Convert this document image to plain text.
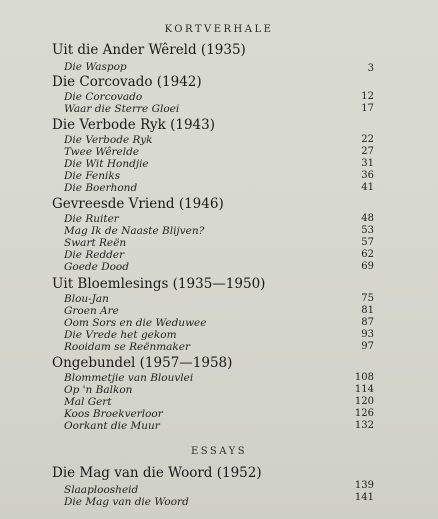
KORTVERHALE
Uit die Ander Wêreld (1935)
Die Waspop	3
Die Corcovado (1942)
Die Corcovado	12
Waar die Sterre Gloei	17
Die Verbode Ryk (1943)
Die Verbode Ryk	22
Twee Wêrelde	27
Die Wit Hondjie	31
Die Feniks	36
Die Boerhond	41
Gevreesde Vriend (1946)
Die Ruiter	48
Mag Ik de Naaste Blijven?	53
Swart Reën	57
Die Redder	62
Goede Dood	69
Uit Bloemlesings (1935—1950)
Blou-Jan	75
Groen Are	81
Oom Sors en die Weduwee	87
Die Vrede het gekom	93
Rooidam se Reënmaker	97
Ongebundel (1957—1958)
Blommetjie van Blouvlei	108
Op 'n Balkon	114
Mal Gert	120
Koos Broekverloor	126
Oorkant die Muur	132
ESSAYS
Die Mag van die Woord (1952)
Slaaploosheid	139
Die Mag van die Woord	141
